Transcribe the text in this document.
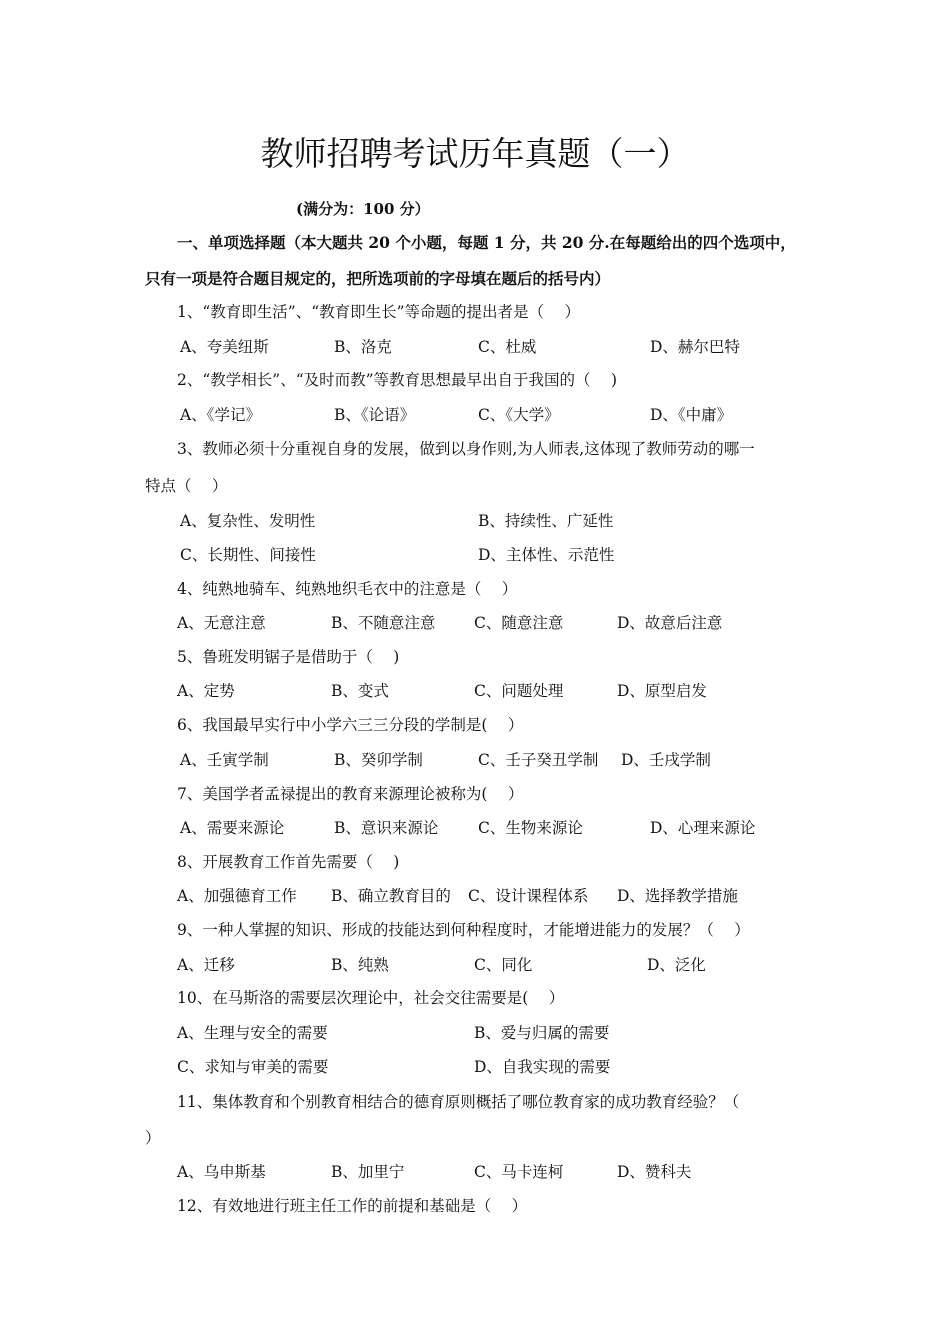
教师招聘考试历年真题（一）
(满分为：100 分）
一、单项选择题（本大题共 20 个小题，每题 1 分，共 20 分.在每题给出的四个选项中，
只有一项是符合题目规定的，把所选项前的字母填在题后的括号内）
1、“教育即生活”、“教育即生长”等命题的提出者是（　 ）
A、夸美纽斯	B、洛克	C、杜威	D、赫尔巴特
2、“教学相长”、“及时而教”等教育思想最早出自于我国的（　 )
A、《学记》	B、《论语》	C、《大学》	D、《中庸》
3、教师必须十分重视自身的发展，做到以身作则,为人师表,这体现了教师劳动的哪一
特点（　 ）
A、复杂性、发明性	B、持续性、广延性
C、长期性、间接性	D、主体性、示范性
4、纯熟地骑车、纯熟地织毛衣中的注意是（　 ）
A、无意注意	B、不随意注意 C、随意注意	D、故意后注意
5、鲁班发明锯子是借助于（　 )
A、定势	B、变式	C、问题处理	D、原型启发
6、我国最早实行中小学六三三分段的学制是(　 ）
A、壬寅学制	B、癸卯学制	C、壬子癸丑学制 D、壬戌学制
7、美国学者孟禄提出的教育来源理论被称为(　 ）
A、需要来源论	B、意识来源论	C、生物来源论	D、心理来源论
8、开展教育工作首先需要（　 )
A、加强德育工作 B、确立教育目的 C、设计课程体系 D、选择教学措施
9、一种人掌握的知识、形成的技能达到何种程度时，才能增进能力的发展？（　 ）
A、迁移	B、纯熟	C、同化	D、泛化
10、在马斯洛的需要层次理论中，社会交往需要是(　 ）
A、生理与安全的需要	B、爱与归属的需要
C、求知与审美的需要	D、自我实现的需要
11、集体教育和个别教育相结合的德育原则概括了哪位教育家的成功教育经验？（
）
A、乌申斯基	B、加里宁	C、马卡连柯	D、赞科夫
12、有效地进行班主任工作的前提和基础是（　 ）
